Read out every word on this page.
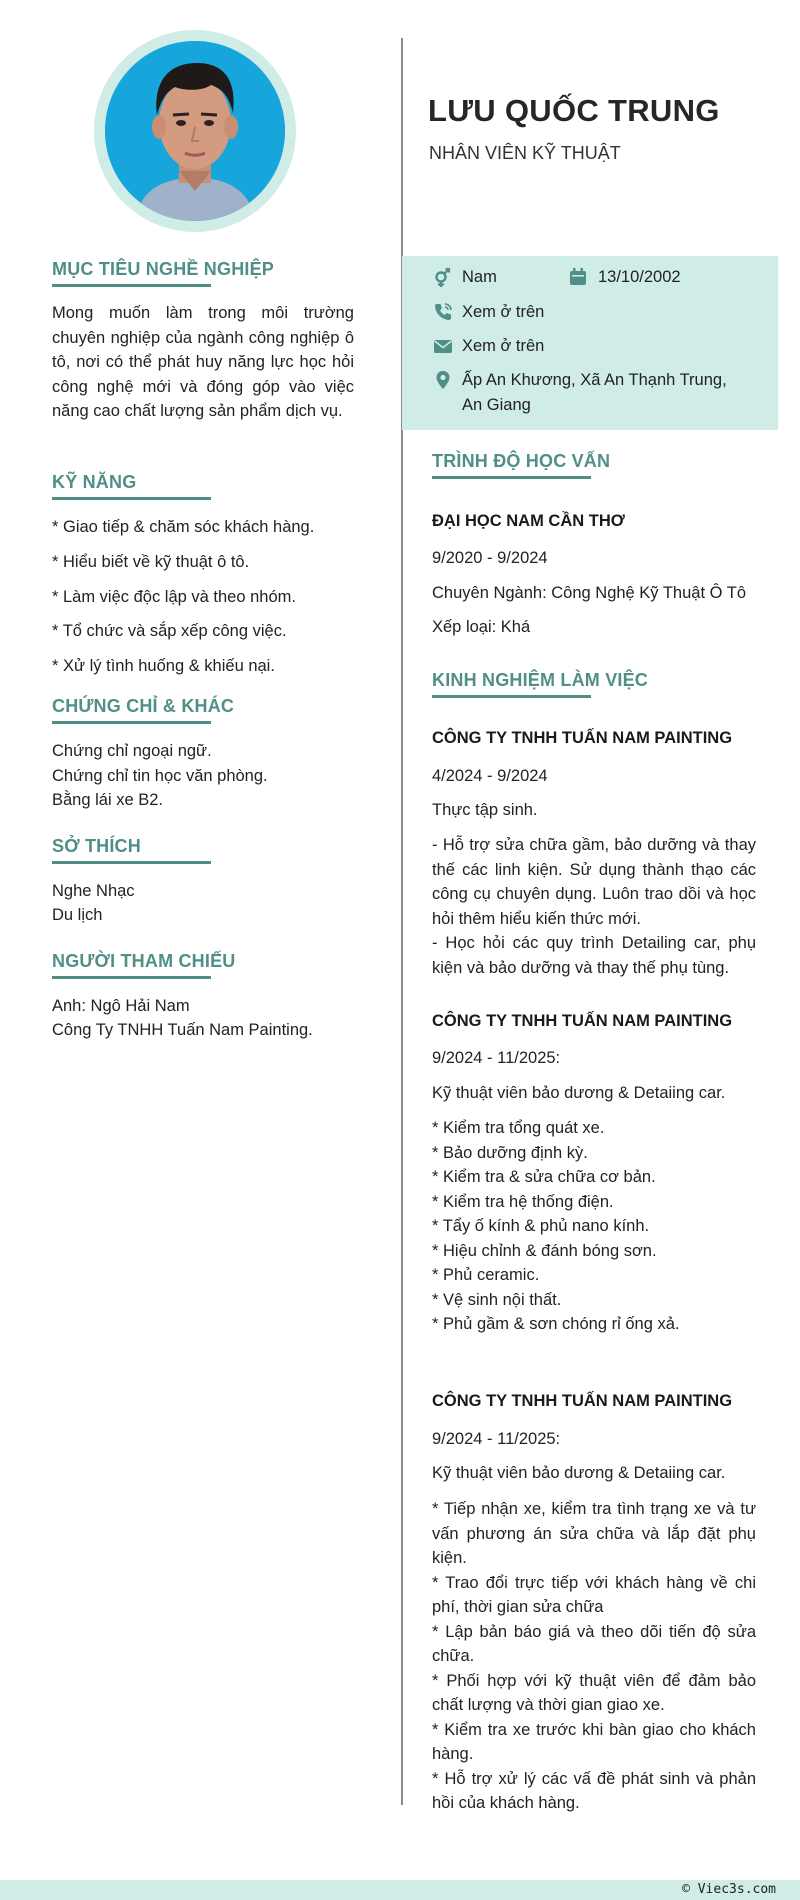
MỤC TIÊU NGHỀ NGHIỆP
Mong muốn làm trong môi trường chuyên nghiệp của ngành công nghiệp ô tô, nơi có thể phát huy năng lực học hỏi công nghệ mới và đóng góp vào việc năng cao chất lượng sản phẩm dịch vụ.
KỸ NĂNG
* Giao tiếp & chăm sóc khách hàng.
* Hiểu biết về kỹ thuật ô tô.
* Làm việc độc lập và theo nhóm.
* Tổ chức và sắp xếp công việc.
* Xử lý tình huống & khiếu nại.
CHỨNG CHỈ & KHÁC
Chứng chỉ ngoại ngữ.
Chứng chỉ tin học văn phòng.
Bằng lái xe B2.
SỞ THÍCH
Nghe Nhạc
Du lịch
NGƯỜI THAM CHIẾU
Anh: Ngô Hải Nam
Công Ty TNHH Tuấn Nam Painting.
LƯU QUỐC TRUNG
NHÂN VIÊN KỸ THUẬT
Nam	13/10/2002
Xem ở trên
Xem ở trên
Ấp An Khương, Xã An Thạnh Trung,
An Giang
TRÌNH ĐỘ HỌC VẤN
ĐẠI HỌC NAM CẦN THƠ
9/2020 - 9/2024
Chuyên Ngành: Công Nghệ Kỹ Thuật Ô Tô
Xếp loại: Khá
KINH NGHIỆM LÀM VIỆC
CÔNG TY TNHH TUẤN NAM PAINTING
4/2024 - 9/2024
Thực tập sinh.
- Hỗ trợ sửa chữa gầm, bảo dưỡng và thay thế các linh kiện. Sử dụng thành thạo các công cụ chuyên dụng. Luôn trao dồi và học hỏi thêm hiểu kiến thức mới.
- Học hỏi các quy trình Detailing car, phụ kiện và bảo dưỡng và thay thế phụ tùng.
CÔNG TY TNHH TUẤN NAM PAINTING
9/2024 - 11/2025:
Kỹ thuật viên bảo dương & Detaiing car.
* Kiểm tra tổng quát xe.
* Bảo dưỡng định kỳ.
* Kiểm tra & sửa chữa cơ bản.
* Kiểm tra hệ thống điện.
* Tẩy ố kính & phủ nano kính.
* Hiệu chỉnh & đánh bóng sơn.
* Phủ ceramic.
* Vệ sinh nội thất.
* Phủ gầm & sơn chóng rỉ ống xả.
CÔNG TY TNHH TUẤN NAM PAINTING
9/2024 - 11/2025:
Kỹ thuật viên bảo dương & Detaiing car.
* Tiếp nhận xe, kiểm tra tình trạng xe và tư vấn phương án sửa chữa và lắp đặt phụ kiện.
* Trao đổi trực tiếp với khách hàng về chi phí, thời gian sửa chữa
* Lập bản báo giá và theo dõi tiến độ sửa chữa.
* Phối hợp với kỹ thuật viên để đảm bảo chất lượng và thời gian giao xe.
* Kiểm tra xe trước khi bàn giao cho khách hàng.
* Hỗ trợ xử lý các vấ đề phát sinh và phản hồi của khách hàng.
© Viec3s.com
